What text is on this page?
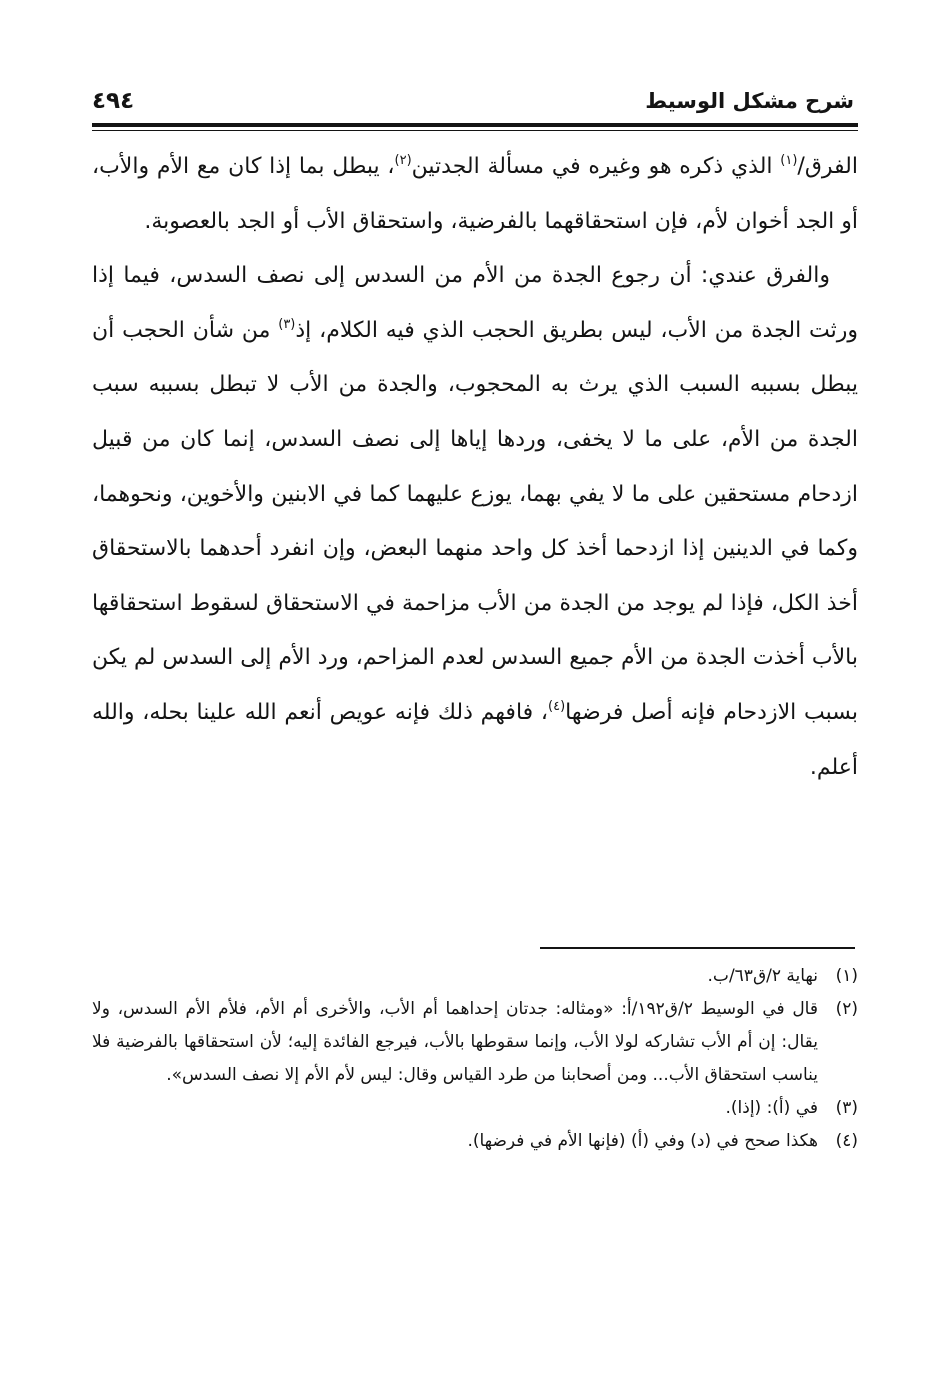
٤٩٤	شرح مشكل الوسيط

الفرق/$^{(١)}$ الذي ذكره هو وغيره في مسألة الجدتين$^{(٢)}$، يبطل بما إذا كان مع الأم والأب، أو الجد أخوان لأم، فإن استحقاقهما بالفرضية، واستحقاق الأب أو الجد بالعصوبة.

والفرق عندي: أن رجوع الجدة من الأم من السدس إلى نصف السدس، فيما إذا ورثت الجدة من الأب، ليس بطريق الحجب الذي فيه الكلام، إذ$^{(٣)}$ من شأن الحجب أن يبطل بسببه السبب الذي يرث به المحجوب، والجدة من الأب لا تبطل بسببه سبب الجدة من الأم، على ما لا يخفى، وردها إياها إلى نصف السدس، إنما كان من قبيل ازدحام مستحقين على ما لا يفي بهما، يوزع عليهما كما في الابنين والأخوين، ونحوهما، وكما في الدينين إذا ازدحما أخذ كل واحد منهما البعض، وإن انفرد أحدهما بالاستحقاق أخذ الكل، فإذا لم يوجد من الجدة من الأب مزاحمة في الاستحقاق لسقوط استحقاقها بالأب أخذت الجدة من الأم جميع السدس لعدم المزاحم، ورد الأم إلى السدس لم يكن بسبب الازدحام فإنه أصل فرضها$^{(٤)}$، فافهم ذلك فإنه عويص أنعم الله علينا بحله، والله أعلم.

(١)
نهاية ٢/ق٦٣/ب.
(٢)
قال في الوسيط ٢/ق١٩٢/أ: «ومثاله: جدتان إحداهما أم الأب، والأخرى أم الأم، فلأم الأم السدس، ولا يقال: إن أم الأب تشاركه لولا الأب، وإنما سقوطها بالأب، فيرجع الفائدة إليه؛ لأن استحقاقها بالفرضية فلا يناسب استحقاق الأب... ومن أصحابنا من طرد القياس وقال: ليس لأم الأم إلا نصف السدس».
(٣)
في (أ): (إذا).
(٤)
هكذا صحح في (د) وفي (أ) (فإنها الأم في فرضها).
